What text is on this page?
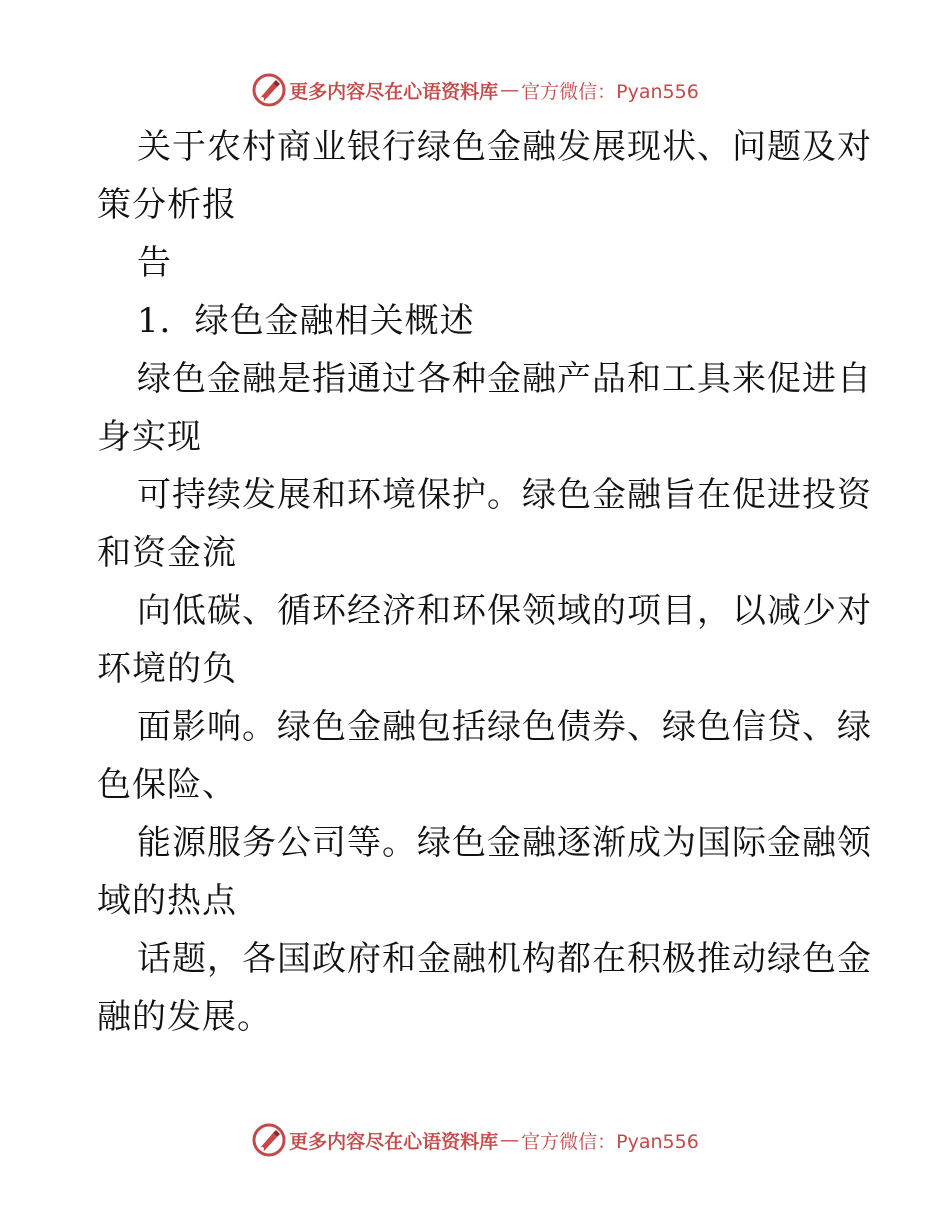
更多内容尽在心语资料库 — 官方微信：Pyan556
关于农村商业银行绿色金融发展现状、问题及对
策分析报
告
1．绿色金融相关概述
绿色金融是指通过各种金融产品和工具来促进自
身实现
可持续发展和环境保护。绿色金融旨在促进投资
和资金流
向低碳、循环经济和环保领域的项目，以减少对
环境的负
面影响。绿色金融包括绿色债券、绿色信贷、绿
色保险、
能源服务公司等。绿色金融逐渐成为国际金融领
域的热点
话题，各国政府和金融机构都在积极推动绿色金
融的发展。
更多内容尽在心语资料库 — 官方微信：Pyan556
